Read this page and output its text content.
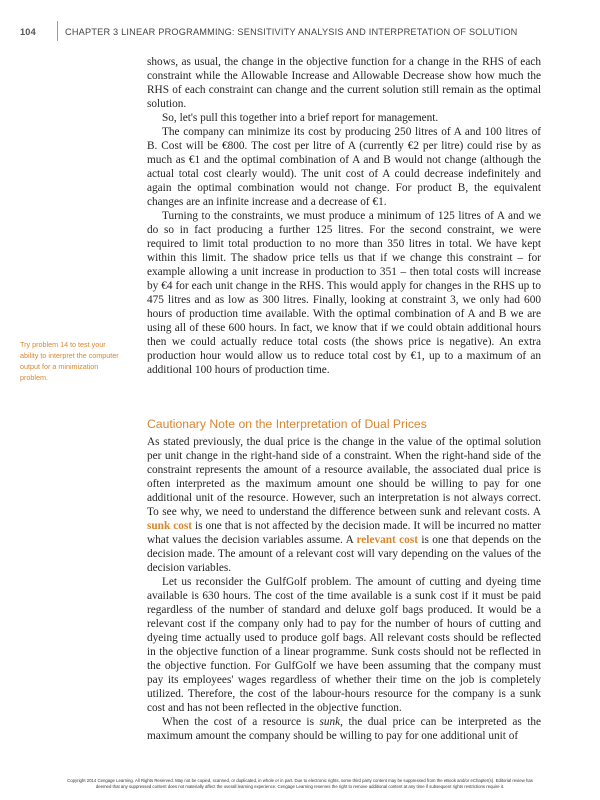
104	CHAPTER 3 LINEAR PROGRAMMING: SENSITIVITY ANALYSIS AND INTERPRETATION OF SOLUTION

shows, as usual, the change in the objective function for a change in the RHS of each constraint while the Allowable Increase and Allowable Decrease show how much the RHS of each constraint can change and the current solution still remain as the optimal solution.

So, let's pull this together into a brief report for management.

The company can minimize its cost by producing 250 litres of A and 100 litres of B. Cost will be €800. The cost per litre of A (currently €2 per litre) could rise by as much as €1 and the optimal combination of A and B would not change (although the actual total cost clearly would). The unit cost of A could decrease indefinitely and again the optimal combination would not change. For product B, the equivalent changes are an infinite increase and a decrease of €1.

Turning to the constraints, we must produce a minimum of 125 litres of A and we do so in fact producing a further 125 litres. For the second constraint, we were required to limit total production to no more than 350 litres in total. We have kept within this limit. The shadow price tells us that if we change this constraint – for example allowing a unit increase in production to 351 – then total costs will increase by €4 for each unit change in the RHS. This would apply for changes in the RHS up to 475 litres and as low as 300 litres. Finally, looking at constraint 3, we only had 600 hours of production time available. With the optimal combination of A and B we are using all of these 600 hours. In fact, we know that if we could obtain additional hours then we could actually reduce total costs (the shows price is negative). An extra production hour would allow us to reduce total cost by €1, up to a maximum of an additional 100 hours of production time.

Try problem 14 to test your ability to interpret the computer output for a minimization problem.
Cautionary Note on the Interpretation of Dual Prices

As stated previously, the dual price is the change in the value of the optimal solution per unit change in the right-hand side of a constraint. When the right-hand side of the constraint represents the amount of a resource available, the associated dual price is often interpreted as the maximum amount one should be willing to pay for one additional unit of the resource. However, such an interpretation is not always correct. To see why, we need to understand the difference between sunk and relevant costs. A sunk cost is one that is not affected by the decision made. It will be incurred no matter what values the decision variables assume. A relevant cost is one that depends on the decision made. The amount of a relevant cost will vary depending on the values of the decision variables.

Let us reconsider the GulfGolf problem. The amount of cutting and dyeing time available is 630 hours. The cost of the time available is a sunk cost if it must be paid regardless of the number of standard and deluxe golf bags produced. It would be a relevant cost if the company only had to pay for the number of hours of cutting and dyeing time actually used to produce golf bags. All relevant costs should be reflected in the objective function of a linear programme. Sunk costs should not be reflected in the objective function. For GulfGolf we have been assuming that the company must pay its employees' wages regardless of whether their time on the job is completely utilized. Therefore, the cost of the labour-hours resource for the company is a sunk cost and has not been reflected in the objective function.

When the cost of a resource is sunk, the dual price can be interpreted as the maximum amount the company should be willing to pay for one additional unit of

Copyright 2014 Cengage Learning. All Rights Reserved. May not be copied, scanned, or duplicated, in whole or in part. Due to electronic rights, some third party content may be suppressed from the eBook and/or eChapter(s). Editorial review has
deemed that any suppressed content does not materially affect the overall learning experience. Cengage Learning reserves the right to remove additional content at any time if subsequent rights restrictions require it.
